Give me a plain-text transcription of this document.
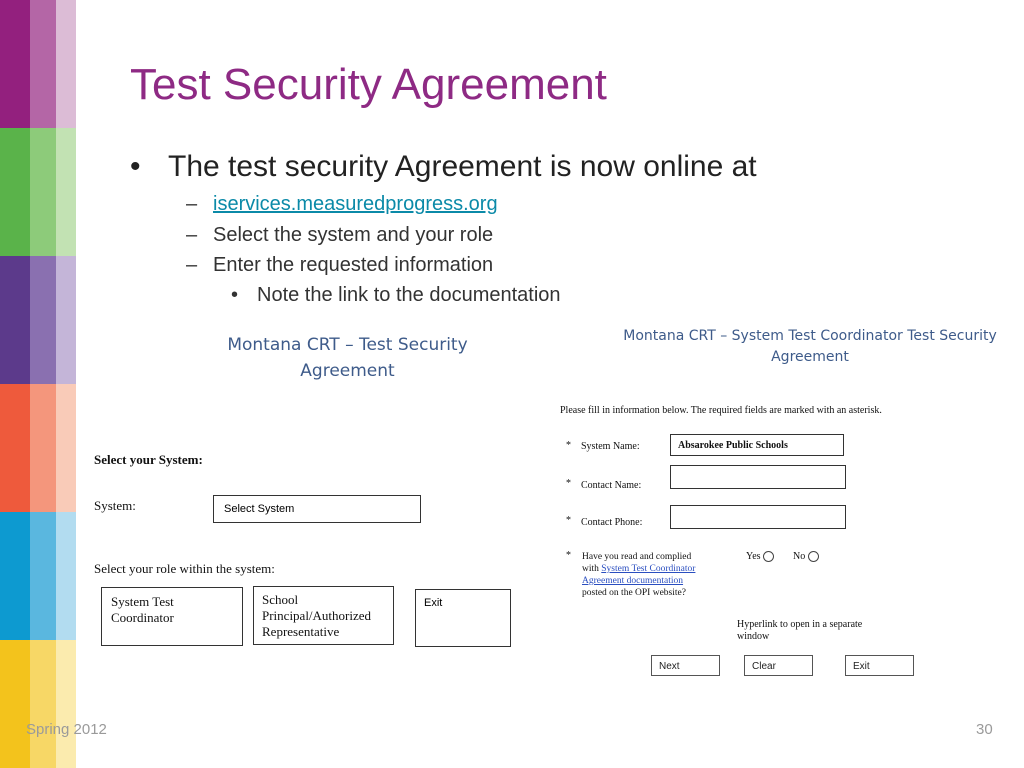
Test Security Agreement
• The test security Agreement is now online at
– iservices.measuredprogress.org
– Select the system and your role
– Enter the requested information
• Note the link to the documentation
Montana CRT – Test Security
Agreement
Select your System:
System:	Select System
Select your role within the system:
System Test
Coordinator
School
Principal/Authorized
Representative
Exit
Montana CRT – System Test Coordinator Test Security
Agreement
Please fill in information below. The required fields are marked with an asterisk.
* System Name:	Absarokee Public Schools
* Contact Name:
* Contact Phone:
* Have you read and complied
with System Test Coordinator
Agreement documentation
posted on the OPI website?
Yes	No
Hyperlink to open in a separate
window
Next	Clear	Exit
Spring 2012	30
